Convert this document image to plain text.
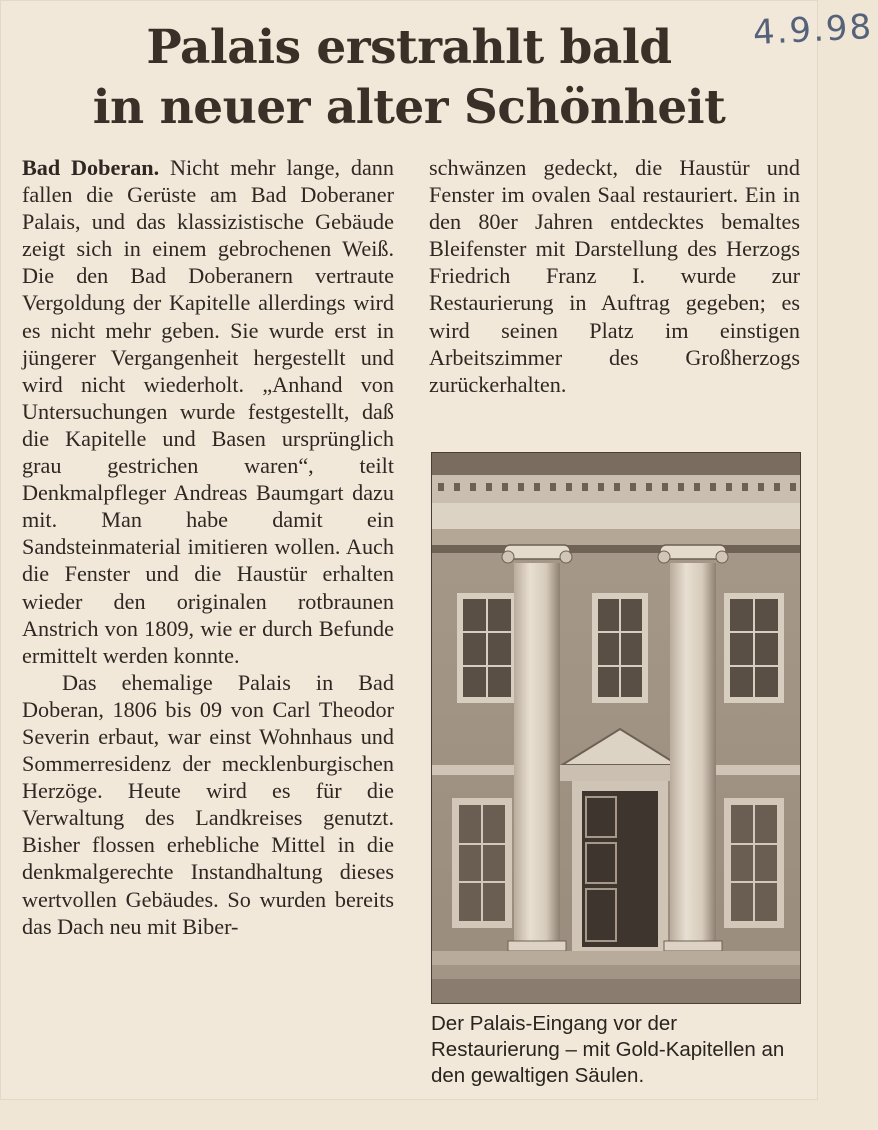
Palais erstrahlt bald
in neuer alter Schönheit

Bad Doberan. Nicht mehr lange, dann fallen die Gerüste am Bad Doberaner Palais, und das klassizistische Gebäude zeigt sich in einem gebrochenen Weiß. Die den Bad Doberanern vertraute Vergoldung der Kapitelle allerdings wird es nicht mehr geben. Sie wurde erst in jüngerer Vergangenheit hergestellt und wird nicht wiederholt. „Anhand von Untersuchungen wurde festgestellt, daß die Kapitelle und Basen ursprünglich grau gestrichen waren“, teilt Denkmalpfleger Andreas Baumgart dazu mit. Man habe damit ein Sandsteinmaterial imitieren wollen. Auch die Fenster und die Haustür erhalten wieder den originalen rotbraunen Anstrich von 1809, wie er durch Befunde ermittelt werden konnte.

Das ehemalige Palais in Bad Doberan, 1806 bis 09 von Carl Theodor Severin erbaut, war einst Wohnhaus und Sommerresidenz der mecklenburgischen Herzöge. Heute wird es für die Verwaltung des Landkreises genutzt. Bisher flossen erhebliche Mittel in die denkmalgerechte Instandhaltung dieses wertvollen Gebäudes. So wurden bereits das Dach neu mit Biber-

schwänzen gedeckt, die Haustür und Fenster im ovalen Saal restauriert. Ein in den 80er Jahren entdecktes bemaltes Bleifenster mit Darstellung des Herzogs Friedrich Franz I. wurde zur Restaurierung in Auftrag gegeben; es wird seinen Platz im einstigen Arbeitszimmer des Großherzogs zurückerhalten.

Der Palais-Eingang vor der Restaurierung – mit Gold-Kapitellen an den gewaltigen Säulen.
4.9.98
